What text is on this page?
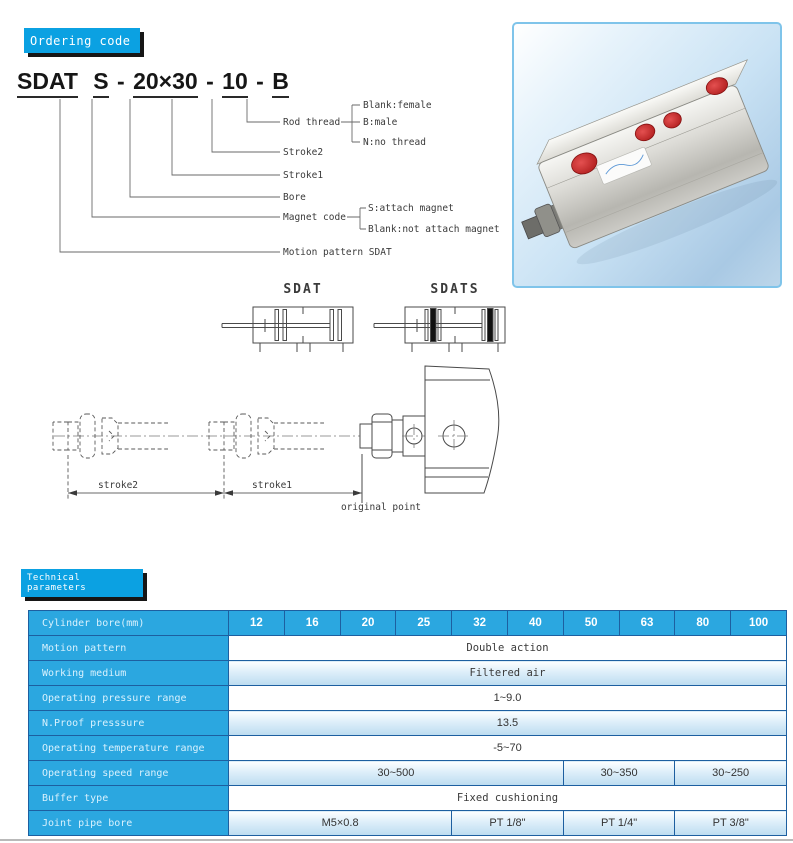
Ordering code
SDAT S - 20×30 - 10 - B
Rod thread
Stroke2
Stroke1
Bore
Magnet code
Motion pattern SDAT
Blank:female
B:male
N:no thread
S:attach magnet
Blank:not attach magnet
SDAT	SDATS
stroke2	stroke1
original point
Technical parameters
Cylinder bore(mm)	12	16	20	25	32	40	50	63	80	100
Motion pattern	Double action									
Working medium	Filtered air									
Operating pressure range	1~9.0									
N.Proof presssure	13.5									
Operating temperature range	-5~70									
Operating speed range	30~500						30~350		30~250	
Buffer type	Fixed cushioning									
Joint pipe bore	M5×0.8				PT 1/8"		PT 1/4"		PT 3/8"	
